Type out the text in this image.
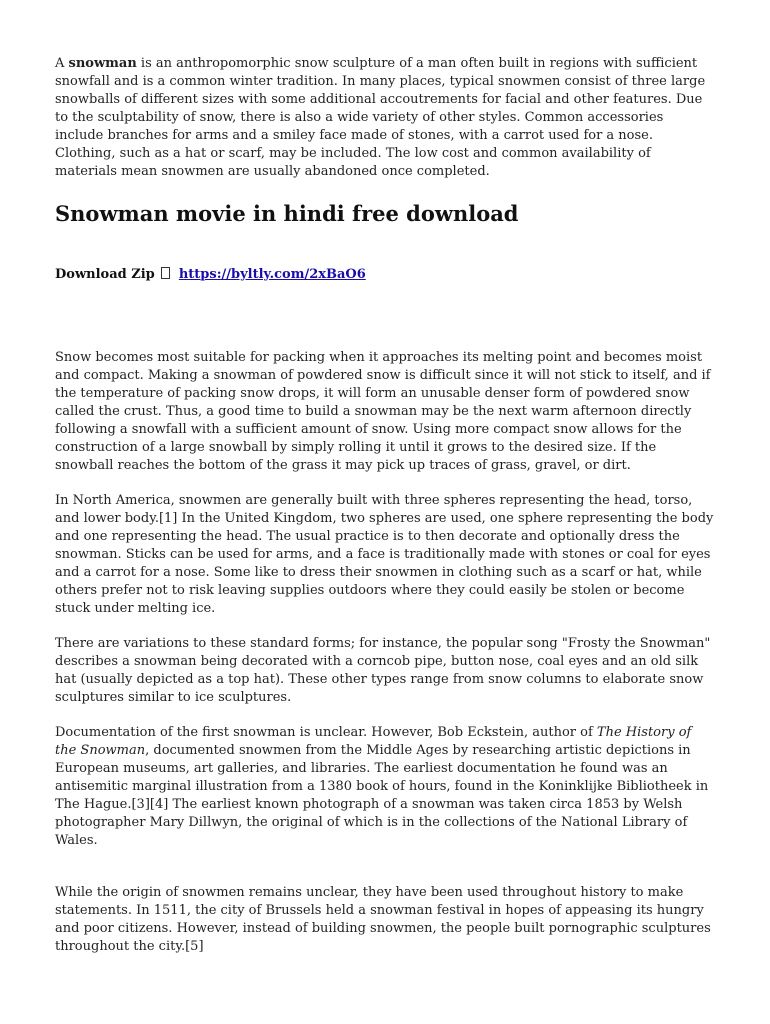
A snowman is an anthropomorphic snow sculpture of a man often built in regions with sufficient snowfall and is a common winter tradition. In many places, typical snowmen consist of three large snowballs of different sizes with some additional accoutrements for facial and other features. Due to the sculptability of snow, there is also a wide variety of other styles. Common accessories include branches for arms and a smiley face made of stones, with a carrot used for a nose. Clothing, such as a hat or scarf, may be included. The low cost and common availability of materials mean snowmen are usually abandoned once completed.

Snowman movie in hindi free download
Download Zip https://byltly.com/2xBaO6

Snow becomes most suitable for packing when it approaches its melting point and becomes moist and compact. Making a snowman of powdered snow is difficult since it will not stick to itself, and if the temperature of packing snow drops, it will form an unusable denser form of powdered snow called the crust. Thus, a good time to build a snowman may be the next warm afternoon directly following a snowfall with a sufficient amount of snow. Using more compact snow allows for the construction of a large snowball by simply rolling it until it grows to the desired size. If the snowball reaches the bottom of the grass it may pick up traces of grass, gravel, or dirt.

In North America, snowmen are generally built with three spheres representing the head, torso, and lower body.[1] In the United Kingdom, two spheres are used, one sphere representing the body and one representing the head. The usual practice is to then decorate and optionally dress the snowman. Sticks can be used for arms, and a face is traditionally made with stones or coal for eyes and a carrot for a nose. Some like to dress their snowmen in clothing such as a scarf or hat, while others prefer not to risk leaving supplies outdoors where they could easily be stolen or become stuck under melting ice.

There are variations to these standard forms; for instance, the popular song "Frosty the Snowman" describes a snowman being decorated with a corncob pipe, button nose, coal eyes and an old silk hat (usually depicted as a top hat). These other types range from snow columns to elaborate snow sculptures similar to ice sculptures.

Documentation of the first snowman is unclear. However, Bob Eckstein, author of The History of the Snowman, documented snowmen from the Middle Ages by researching artistic depictions in European museums, art galleries, and libraries. The earliest documentation he found was an antisemitic marginal illustration from a 1380 book of hours, found in the Koninklijke Bibliotheek in The Hague.[3][4] The earliest known photograph of a snowman was taken circa 1853 by Welsh photographer Mary Dillwyn, the original of which is in the collections of the National Library of Wales.

While the origin of snowmen remains unclear, they have been used throughout history to make statements. In 1511, the city of Brussels held a snowman festival in hopes of appeasing its hungry and poor citizens. However, instead of building snowmen, the people built pornographic sculptures throughout the city.[5]
